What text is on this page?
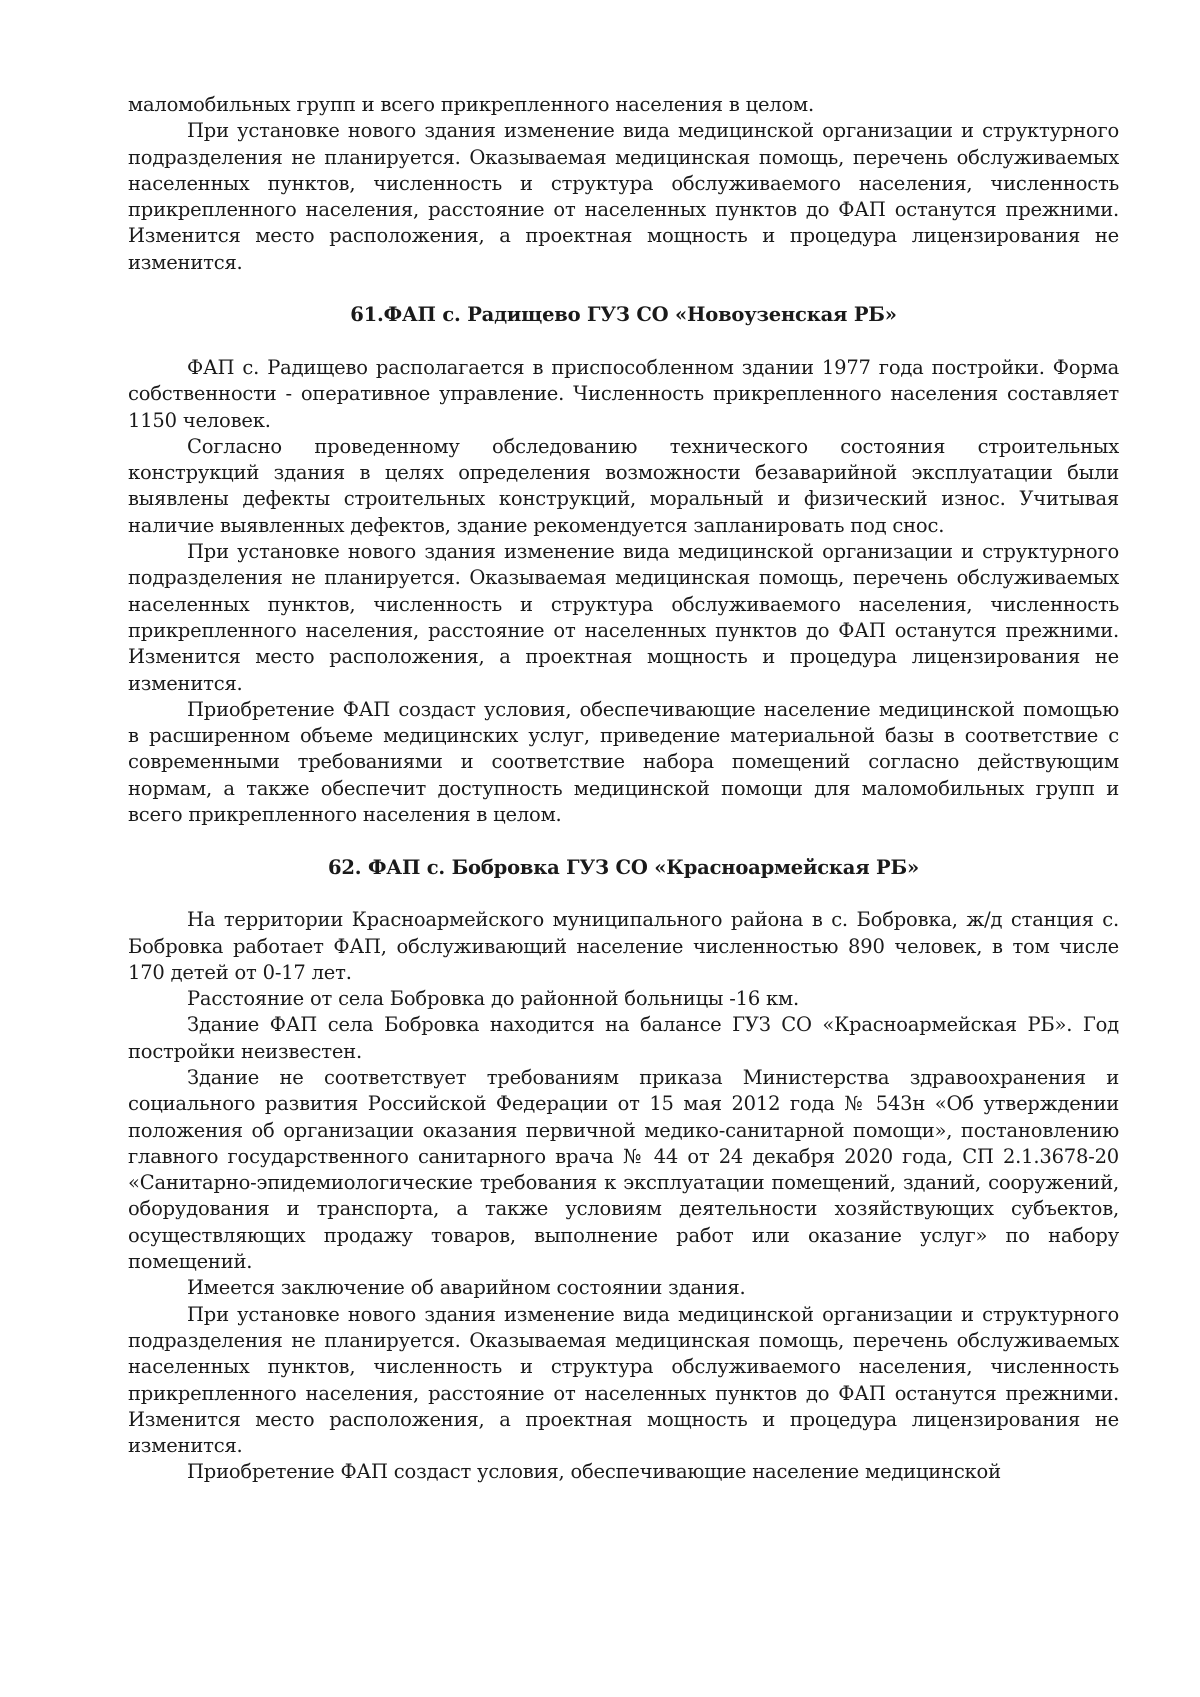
маломобильных групп и всего прикрепленного населения в целом.

При установке нового здания изменение вида медицинской организации и структурного подразделения не планируется. Оказываемая медицинская помощь, перечень обслуживаемых населенных пунктов, численность и структура обслуживаемого населения, численность прикрепленного населения, расстояние от населенных пунктов до ФАП останутся прежними. Изменится место расположения, а проектная мощность и процедура лицензирования не изменится.

61.ФАП с. Радищево ГУЗ СО «Новоузенская РБ»

ФАП с. Радищево располагается в приспособленном здании 1977 года постройки. Форма собственности - оперативное управление. Численность прикрепленного населения составляет 1150 человек.

Согласно проведенному обследованию технического состояния строительных конструкций здания в целях определения возможности безаварийной эксплуатации были выявлены дефекты строительных конструкций, моральный и физический износ. Учитывая наличие выявленных дефектов, здание рекомендуется запланировать под снос.

При установке нового здания изменение вида медицинской организации и структурного подразделения не планируется. Оказываемая медицинская помощь, перечень обслуживаемых населенных пунктов, численность и структура обслуживаемого населения, численность прикрепленного населения, расстояние от населенных пунктов до ФАП останутся прежними. Изменится место расположения, а проектная мощность и процедура лицензирования не изменится.

Приобретение ФАП создаст условия, обеспечивающие население медицинской помощью в расширенном объеме медицинских услуг, приведение материальной базы в соответствие с современными требованиями и соответствие набора помещений согласно действующим нормам, а также обеспечит доступность медицинской помощи для маломобильных групп и всего прикрепленного населения в целом.

62. ФАП с. Бобровка ГУЗ СО «Красноармейская РБ»

На территории Красноармейского муниципального района в с. Бобровка, ж/д станция с. Бобровка работает ФАП, обслуживающий население численностью 890 человек, в том числе 170 детей от 0-17 лет.

Расстояние от села Бобровка до районной больницы -16 км.

Здание ФАП села Бобровка находится на балансе ГУЗ СО «Красноармейская РБ». Год постройки неизвестен.

Здание не соответствует требованиям приказа Министерства здравоохранения и социального развития Российской Федерации от 15 мая 2012 года № 543н «Об утверждении положения об организации оказания первичной медико-санитарной помощи», постановлению главного государственного санитарного врача № 44 от 24 декабря 2020 года, СП 2.1.3678-20 «Санитарно-эпидемиологические требования к эксплуатации помещений, зданий, сооружений, оборудования и транспорта, а также условиям деятельности хозяйствующих субъектов, осуществляющих продажу товаров, выполнение работ или оказание услуг» по набору помещений.

Имеется заключение об аварийном состоянии здания.

При установке нового здания изменение вида медицинской организации и структурного подразделения не планируется. Оказываемая медицинская помощь, перечень обслуживаемых населенных пунктов, численность и структура обслуживаемого населения, численность прикрепленного населения, расстояние от населенных пунктов до ФАП останутся прежними. Изменится место расположения, а проектная мощность и процедура лицензирования не изменится.

Приобретение ФАП создаст условия, обеспечивающие население медицинской
